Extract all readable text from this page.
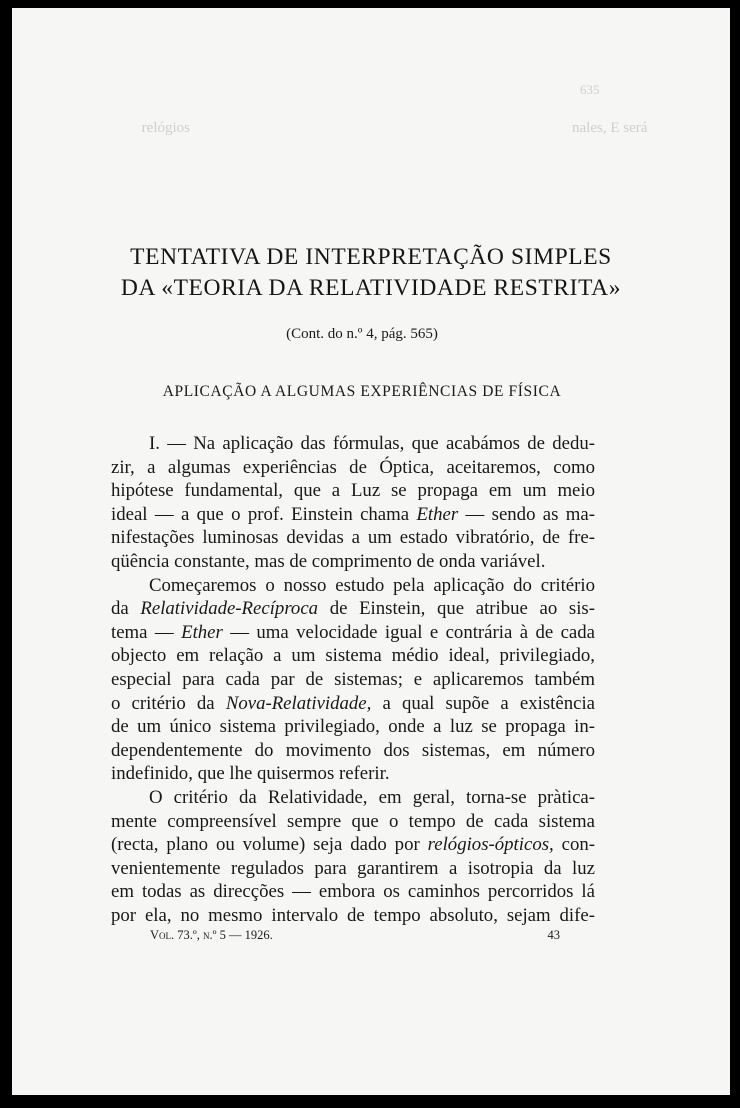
635
nales, E será
relógios
TENTATIVA DE INTERPRETAÇÃO SIMPLES
DA «TEORIA DA RELATIVIDADE RESTRITA»
(Cont. do n.º 4, pág. 565)
APLICAÇÃO A ALGUMAS EXPERIÊNCIAS DE FÍSICA
I. — Na aplicação das fórmulas, que acabámos de dedu-
zir, a algumas experiências de Óptica, aceitaremos, como
hipótese fundamental, que a Luz se propaga em um meio
ideal — a que o prof. Einstein chama Ether — sendo as ma-
nifestações luminosas devidas a um estado vibratório, de fre-
qüência constante, mas de comprimento de onda variável.
Começaremos o nosso estudo pela aplicação do critério
da Relatividade-Recíproca de Einstein, que atribue ao sis-
tema — Ether — uma velocidade igual e contrária à de cada
objecto em relação a um sistema médio ideal, privilegiado,
especial para cada par de sistemas; e aplicaremos também
o critério da Nova-Relatividade, a qual supõe a existência
de um único sistema privilegiado, onde a luz se propaga in-
dependentemente do movimento dos sistemas, em número
indefinido, que lhe quisermos referir.
O critério da Relatividade, em geral, torna-se pràtica-
mente compreensível sempre que o tempo de cada sistema
(recta, plano ou volume) seja dado por relógios-ópticos, con-
venientemente regulados para garantirem a isotropia da luz
em todas as direcções — embora os caminhos percorridos lá
por ela, no mesmo intervalo de tempo absoluto, sejam dife-
Vol. 73.º, n.º 5 — 1926.	43
